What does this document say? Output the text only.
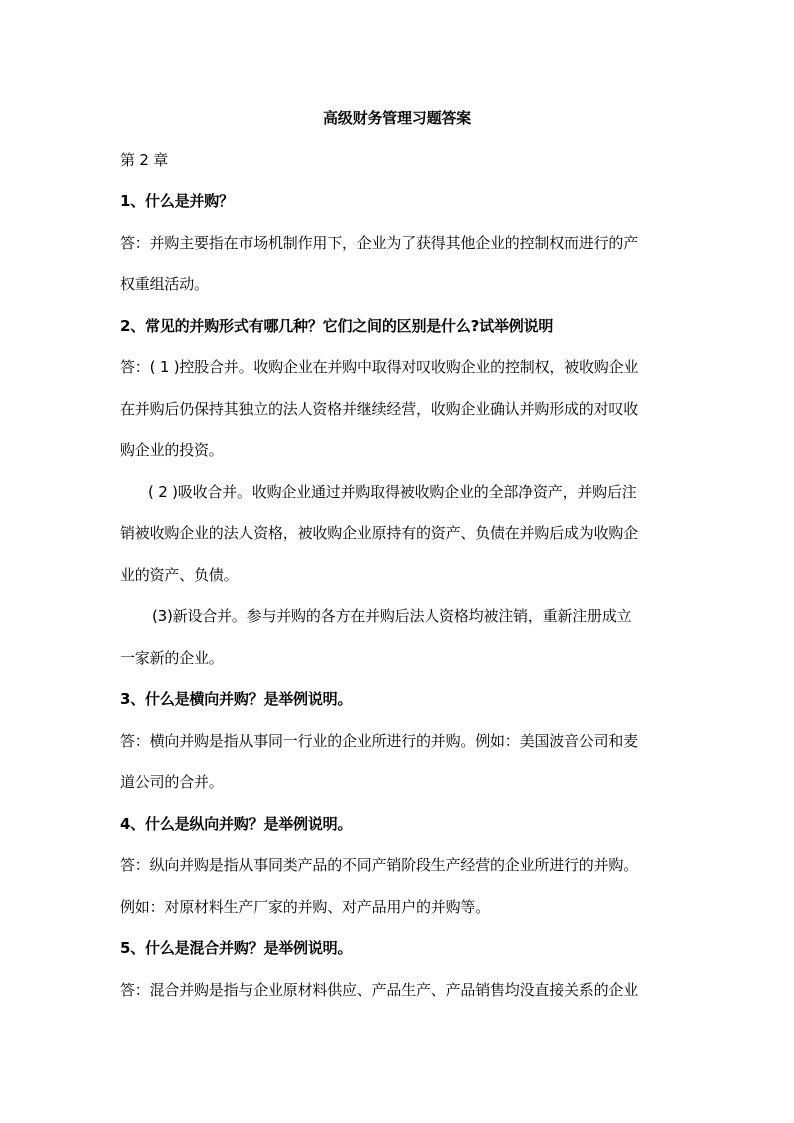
高级财务管理习题答案
第 2 章
1、什么是并购？
答：并购主要指在市场机制作用下，企业为了获得其他企业的控制权而进行的产
权重组活动。
2、常见的并购形式有哪几种？它们之间的区别是什么?试举例说明
答：( 1 )控股合并。收购企业在并购中取得对叹收购企业的控制权，被收购企业
在并购后仍保持其独立的法人资格并继续经营，收购企业确认并购形成的对叹收
购企业的投资。
( 2 )吸收合并。收购企业通过并购取得被收购企业的全部净资产，并购后注
销被收购企业的法人资格，被收购企业原持有的资产、负债在并购后成为收购企
业的资产、负债。
(3)新设合并。参与并购的各方在并购后法人资格均被注销，重新注册成立
一家新的企业。
3、什么是横向并购？是举例说明。
答：横向并购是指从事同一行业的企业所进行的并购。例如：美国波音公司和麦
道公司的合并。
4、什么是纵向并购？是举例说明。
答：纵向并购是指从事同类产品的不同产销阶段生产经营的企业所进行的并购。
例如：对原材料生产厂家的并购、对产品用户的并购等。
5、什么是混合并购？是举例说明。
答：混合并购是指与企业原材料供应、产品生产、产品销售均没直接关系的企业
